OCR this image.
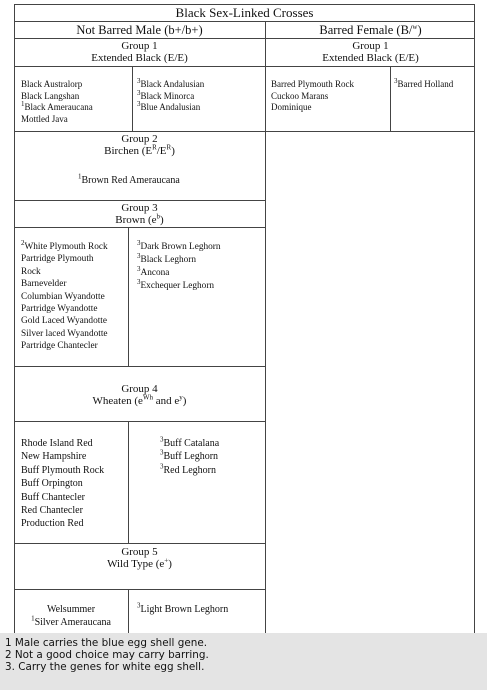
Black Sex-Linked Crosses
Not Barred Male (b+/b+)	Barred Female (B/$^w$)
Group 1
Extended Black (E/E)
Group 1
Extended Black (E/E)
Black Australorp
Black Langshan
$^1$Black Ameraucana
Mottled Java
$^3$Black Andalusian
$^3$Black Minorca
$^3$Blue Andalusian
Barred Plymouth Rock
Cuckoo Marans
Dominique
$^3$Barred Holland
Group 2
Birchen $(E^R/E^R)$
$^1$Brown Red Ameraucana
Group 3
Brown $(e^b)$
$^2$White Plymouth Rock
Partridge Plymouth
Rock
Barnevelder
Columbian Wyandotte
Partridge Wyandotte
Gold Laced Wyandotte
Silver laced Wyandotte
Partridge Chantecler
$^3$Dark Brown Leghorn
$^3$Black Leghorn
$^3$Ancona
$^3$Exchequer Leghorn
Group 4
Wheaten ($e^{Wh}$ and $e^y$)
Rhode Island Red
New Hampshire
Buff Plymouth Rock
Buff Orpington
Buff Chantecler
Red Chantecler
Production Red
$^3$Buff Catalana
$^3$Buff Leghorn
$^3$Red Leghorn
Group 5
Wild Type (e+)
Welsummer
$^1$Silver Ameraucana
$^3$Light Brown Leghorn
1 Male carries the blue egg shell gene.
2 Not a good choice may carry barring.
3. Carry the genes for white egg shell.
